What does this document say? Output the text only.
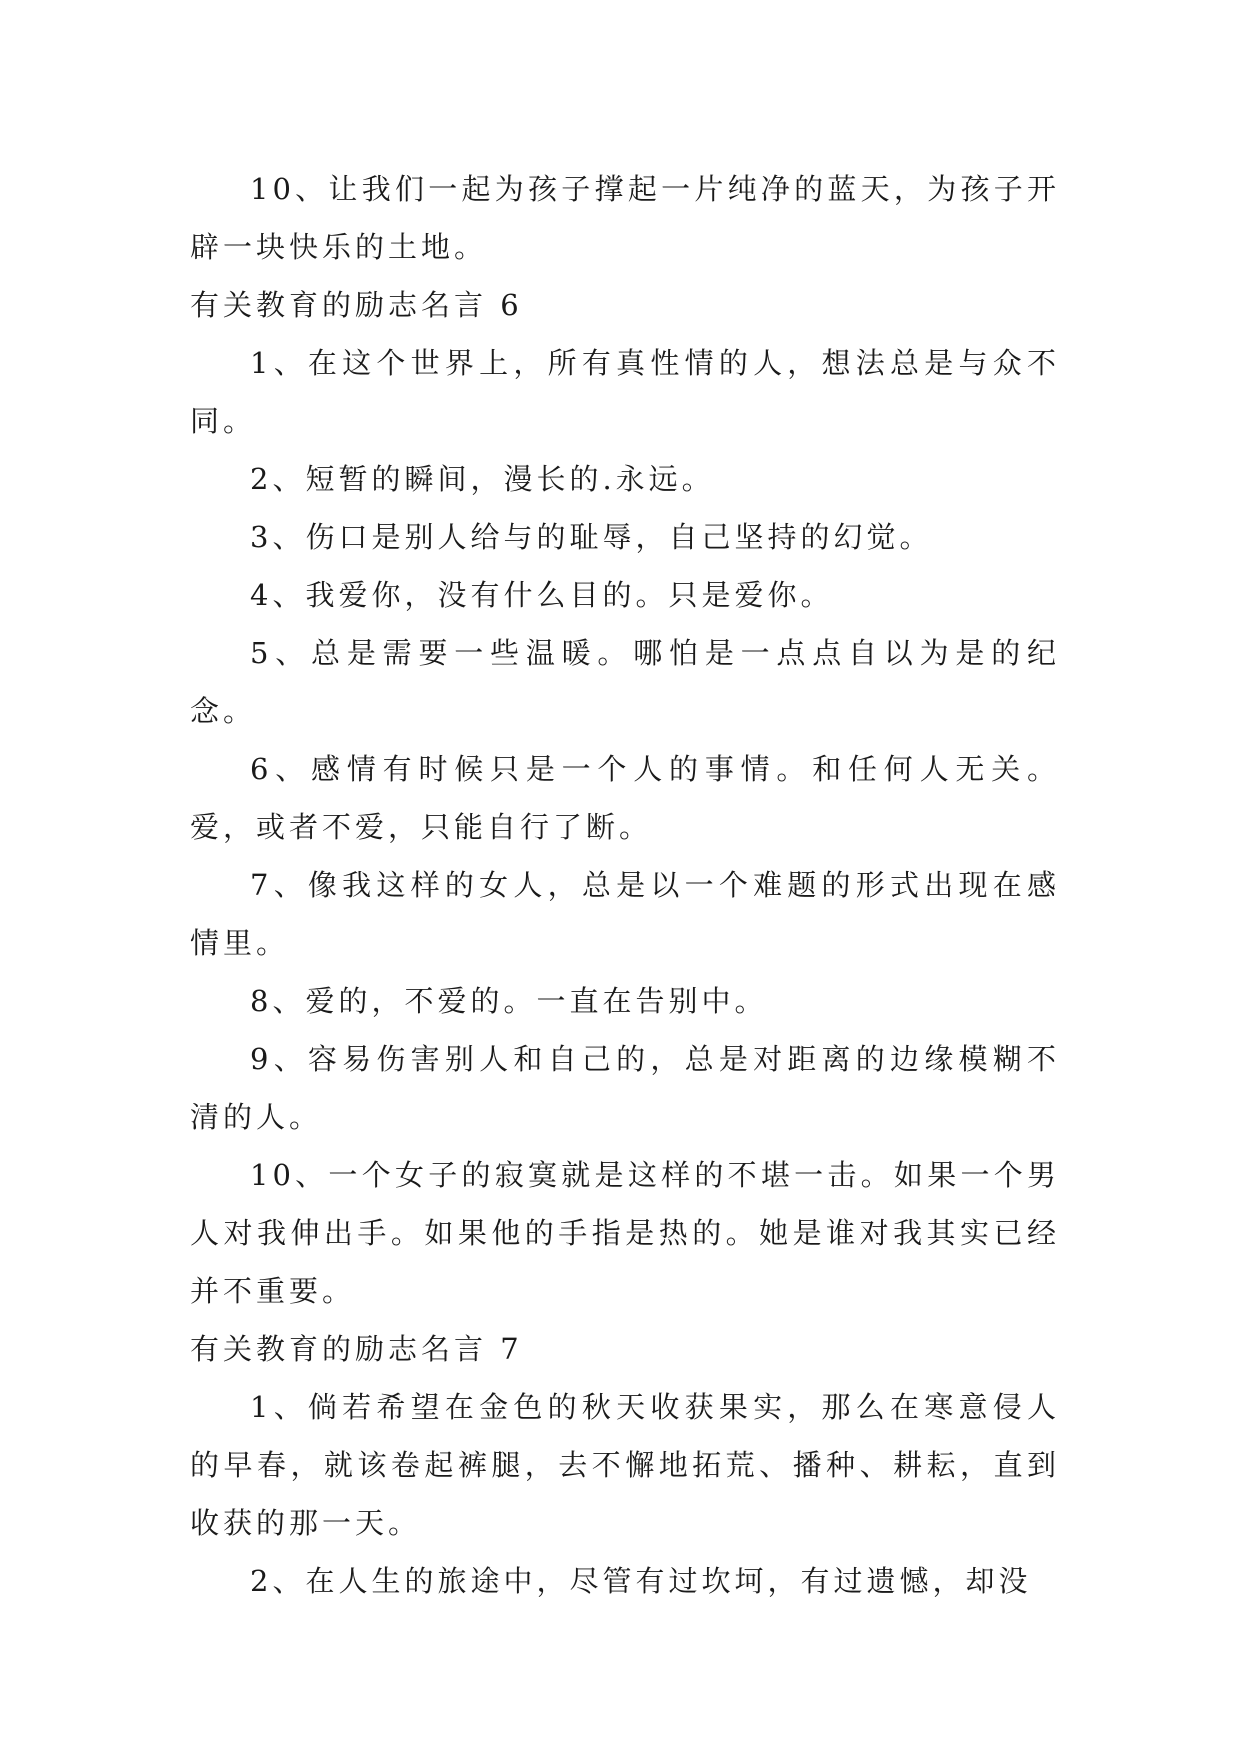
10、让我们一起为孩子撑起一片纯净的蓝天，为孩子开辟一块快乐的土地。

有关教育的励志名言 6

1、在这个世界上，所有真性情的人，想法总是与众不同。

2、短暂的瞬间，漫长的.永远。

3、伤口是别人给与的耻辱，自己坚持的幻觉。

4、我爱你，没有什么目的。只是爱你。

5、总是需要一些温暖。哪怕是一点点自以为是的纪念。

6、感情有时候只是一个人的事情。和任何人无关。爱，或者不爱，只能自行了断。

7、像我这样的女人，总是以一个难题的形式出现在感情里。

8、爱的，不爱的。一直在告别中。

9、容易伤害别人和自己的，总是对距离的边缘模糊不清的人。

10、一个女子的寂寞就是这样的不堪一击。如果一个男人对我伸出手。如果他的手指是热的。她是谁对我其实已经并不重要。

有关教育的励志名言 7

1、倘若希望在金色的秋天收获果实，那么在寒意侵人的早春，就该卷起裤腿，去不懈地拓荒、播种、耕耘，直到收获的那一天。

2、在人生的旅途中，尽管有过坎坷，有过遗憾，却没
